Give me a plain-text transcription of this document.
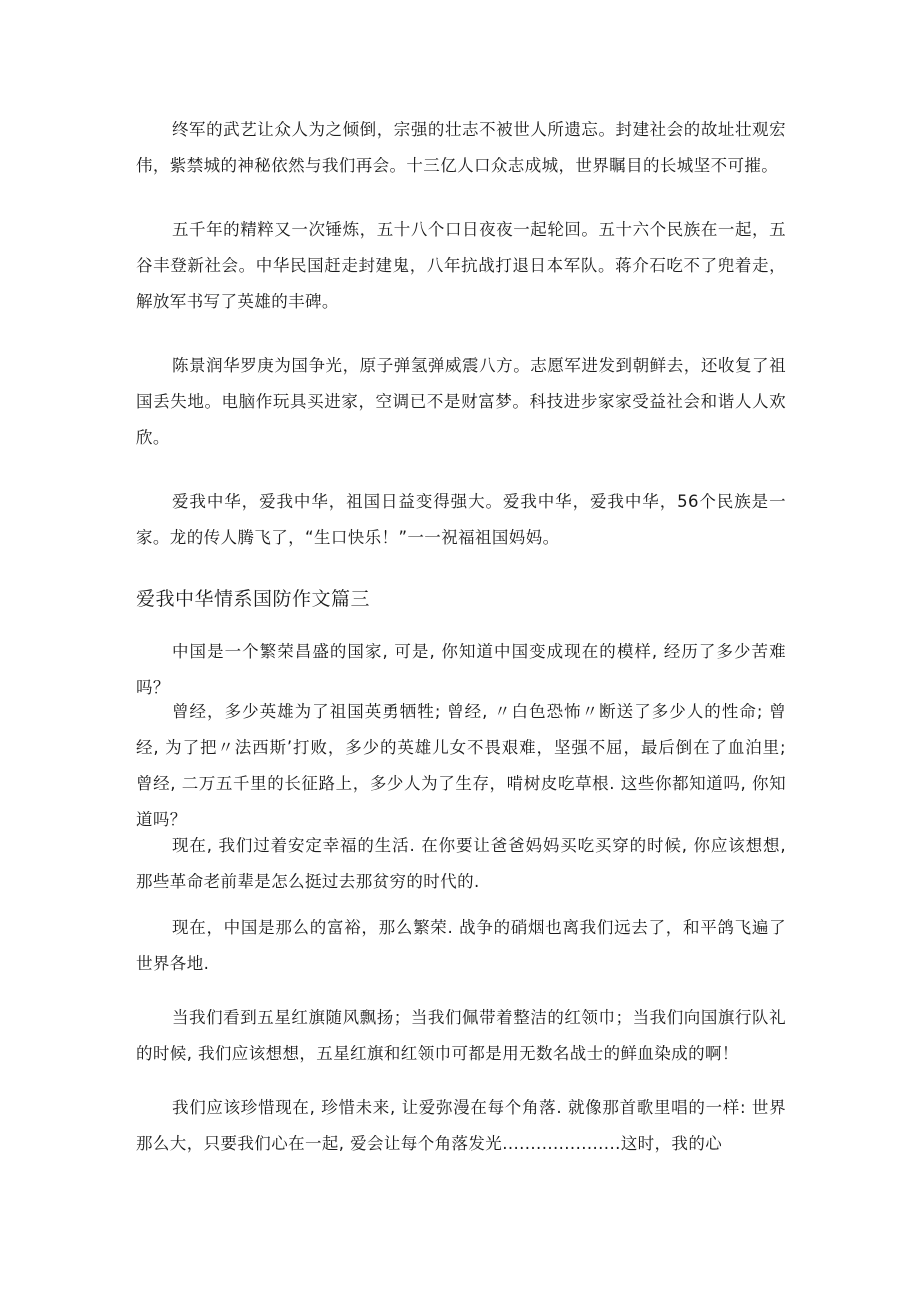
终军的武艺让众人为之倾倒，宗强的壮志不被世人所遗忘。封建社会的故址壮观宏伟，紫禁城的神秘依然与我们再会。十三亿人口众志成城，世界瞩目的长城坚不可摧。

五千年的精粹又一次锤炼，五十八个口日夜夜一起轮回。五十六个民族在一起，五谷丰登新社会。中华民国赶走封建鬼，八年抗战打退日本军队。蒋介石吃不了兜着走，解放军书写了英雄的丰碑。

陈景润华罗庚为国争光，原子弹氢弹威震八方。志愿军进发到朝鲜去，还收复了祖国丢失地。电脑作玩具买进家，空调已不是财富梦。科技进步家家受益社会和谐人人欢欣。

爱我中华，爱我中华，祖国日益变得强大。爱我中华，爱我中华，56个民族是一家。龙的传人腾飞了，“生口快乐！”一一祝福祖国妈妈。

爱我中华情系国防作文篇三

中国是一个繁荣昌盛的国家, 可是, 你知道中国变成现在的模样, 经历了多少苦难吗？

曾经，多少英雄为了祖国英勇牺牲; 曾经, 〃白色恐怖〃断送了多少人的性命; 曾经, 为了把〃法西斯’打败，多少的英雄儿女不畏艰难，坚强不屈，最后倒在了血泊里; 曾经, 二万五千里的长征路上，多少人为了生存，啃树皮吃草根. 这些你都知道吗, 你知道吗？

现在, 我们过着安定幸福的生活. 在你要让爸爸妈妈买吃买穿的时候, 你应该想想, 那些革命老前辈是怎么挺过去那贫穷的时代的.

现在，中国是那么的富裕，那么繁荣. 战争的硝烟也离我们远去了，和平鸽飞遍了世界各地.

当我们看到五星红旗随风飘扬；当我们佩带着整洁的红领巾；当我们向国旗行队礼的时候, 我们应该想想，五星红旗和红领巾可都是用无数名战士的鲜血染成的啊！

我们应该珍惜现在, 珍惜未来, 让爱弥漫在每个角落. 就像那首歌里唱的一样: 世界那么大，只要我们心在一起, 爱会让每个角落发光.....................这时，我的心
